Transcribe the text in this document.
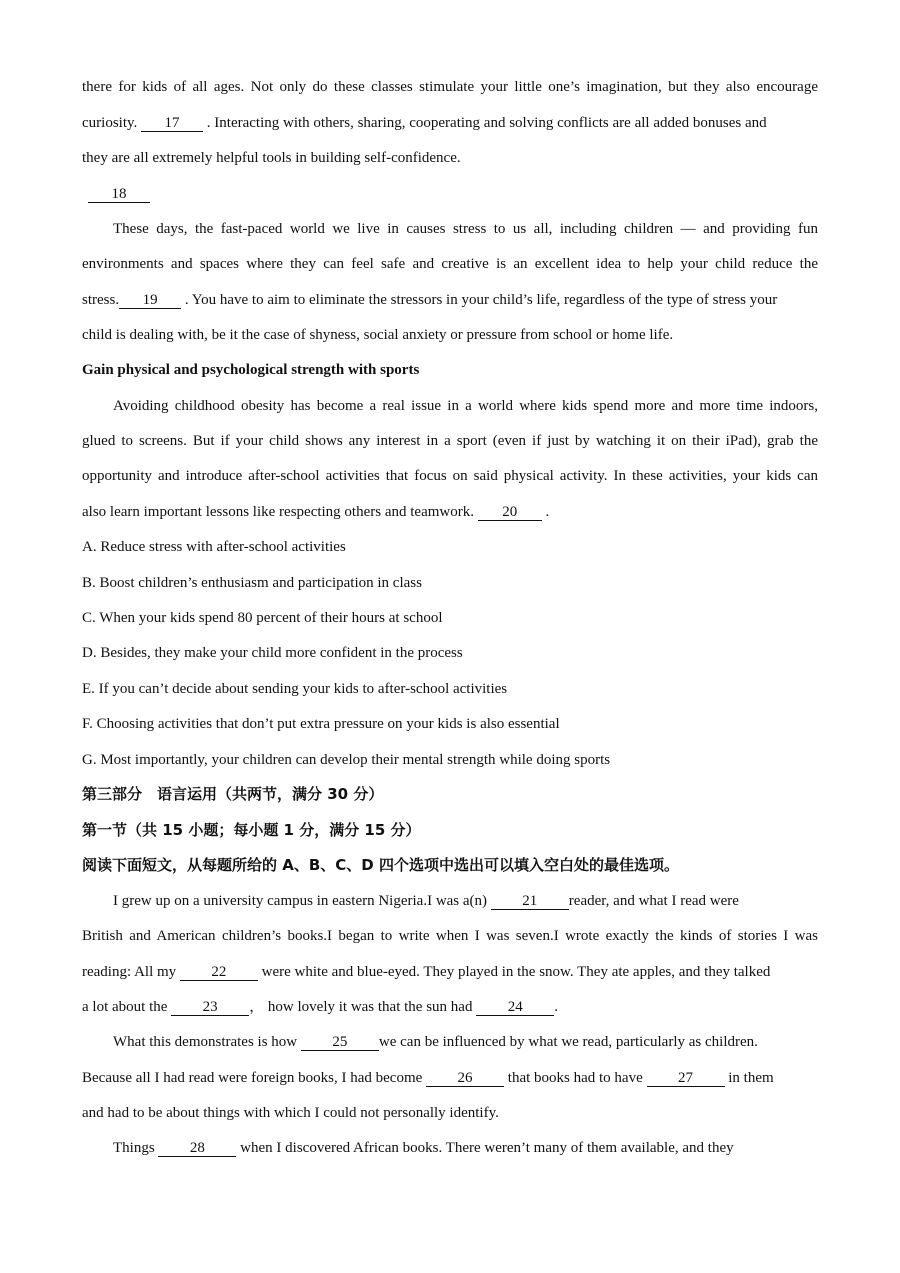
there for kids of all ages. Not only do these classes stimulate your little one’s imagination, but they also encourage
curiosity. 17 . Interacting with others, sharing, cooperating and solving conflicts are all added bonuses and
they are all extremely helpful tools in building self-confidence.
18
These days, the fast-paced world we live in causes stress to us all, including children — and providing fun
environments and spaces where they can feel safe and creative is an excellent idea to help your child reduce the
stress. 19 . You have to aim to eliminate the stressors in your child’s life, regardless of the type of stress your
child is dealing with, be it the case of shyness, social anxiety or pressure from school or home life.
Gain physical and psychological strength with sports
Avoiding childhood obesity has become a real issue in a world where kids spend more and more time indoors,
glued to screens. But if your child shows any interest in a sport (even if just by watching it on their iPad), grab the
opportunity and introduce after-school activities that focus on said physical activity. In these activities, your kids can
also learn important lessons like respecting others and teamwork. 20 .
A. Reduce stress with after-school activities
B. Boost children’s enthusiasm and participation in class
C. When your kids spend 80 percent of their hours at school
D. Besides, they make your child more confident in the process
E. If you can’t decide about sending your kids to after-school activities
F. Choosing activities that don’t put extra pressure on your kids is also essential
G. Most importantly, your children can develop their mental strength while doing sports
第三部分　语言运用（共两节，满分 30 分）
第一节（共 15 小题；每小题 1 分，满分 15 分）
阅读下面短文，从每题所给的 A、B、C、D 四个选项中选出可以填入空白处的最佳选项。
I grew up on a university campus in eastern Nigeria.I was a(n) 21 reader, and what I read were
British and American children’s books.I began to write when I was seven.I wrote exactly the kinds of stories I was
reading: All my 22 were white and blue-eyed. They played in the snow. They ate apples, and they talked
a lot about the 23 ， how lovely it was that the sun had 24 .
What this demonstrates is how 25 we can be influenced by what we read, particularly as children.
Because all I had read were foreign books, I had become 26 that books had to have 27 in them
and had to be about things with which I could not personally identify.
Things 28 when I discovered African books. There weren’t many of them available, and they
